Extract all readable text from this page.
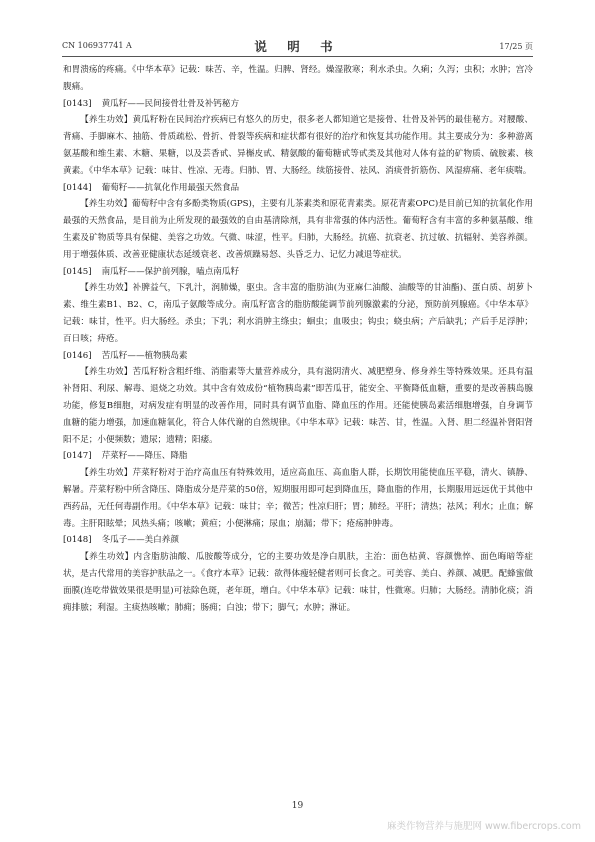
CN 106937741 A	说 明 书	17/25 页

和胃溃疡的疼痛。《中华本草》记载：味苦、辛，性温。归脾、肾经。燥湿散寒；利水杀虫。久痢；久泻；虫积；水肿；宫冷腹痛。

[0143] 黄瓜籽——民间接骨壮骨及补钙秘方

【养生功效】黄瓜籽粉在民间治疗疾病已有悠久的历史，很多老人都知道它是接骨、壮骨及补钙的最佳秘方。对腰酸、背痛、手脚麻木、抽筋、骨质疏松、骨折、骨裂等疾病和症状都有很好的治疗和恢复其功能作用。其主要成分为：多种游离氨基酸和维生素、木糖、果糖，以及芸香甙、异槲皮甙、精氨酸的葡萄糖甙等甙类及其他对人体有益的矿物质、硫胺素、核黄素。《中华本草》记载：味甘、性凉、无毒。归肺、胃、大肠经。续筋接骨、祛风、消痰骨折筋伤、风湿痹痛、老年痰喘。

[0144] 葡萄籽——抗氧化作用最强天然食品

【养生功效】葡萄籽中含有多酚类物质(GPS)，主要有儿茶素类和原花青素类。原花青素OPC)是目前已知的抗氧化作用最强的天然食品，是目前为止所发现的最强效的自由基清除剂，具有非常强的体内活性。葡萄籽含有丰富的多种氨基酸、维生素及矿物质等具有保健、美容之功效。气微、味涩，性平。归肺，大肠经。抗癌、抗衰老、抗过敏、抗辐射、美容养颜。用于增强体质、改善亚健康状态延缓衰老、改善烦躁易怒、头昏乏力、记忆力减退等症状。

[0145] 南瓜籽——保护前列腺，嗑点南瓜籽

【养生功效】补脾益气，下乳汁，润肺燥，驱虫。含丰富的脂肪油(为亚麻仁油酸、油酸等的甘油酯)、蛋白质、胡萝卜素、维生素B1、B2、C，南瓜子氨酸等成分。南瓜籽富含的脂肪酸能调节前列腺激素的分泌，预防前列腺癌。《中华本草》记载：味甘，性平。归大肠经。杀虫；下乳；利水消肿主绦虫；蛔虫；血吸虫；钩虫；蛲虫病；产后缺乳；产后手足浮肿；百日咳；痔疮。

[0146] 苦瓜籽——植物胰岛素

【养生功效】苦瓜籽粉含粗纤维、消脂素等大量营养成分，具有滋阴清火、减肥塑身、修身养生等特殊效果。还具有温补肾阳、利尿、解毒、退烧之功效。其中含有效成份“植物胰岛素”即苦瓜苷，能安全、平衡降低血糖，重要的是改善胰岛腺功能，修复B细胞，对病发症有明显的改善作用，同时具有调节血脂、降血压的作用。还能使胰岛素活细胞增强，自身调节血糖的能力增强，加速血糖氧化，符合人体代谢的自然规律。《中华本草》记载：味苦、甘，性温。入肾、胆二经温补肾阳肾阳不足；小便频数；遗尿；遗精；阳痿。

[0147] 芹菜籽——降压、降脂

【养生功效】芹菜籽粉对于治疗高血压有特殊效用，适应高血压、高血脂人群，长期饮用能使血压平稳，清火、镇静、解暑。芹菜籽粉中所含降压、降脂成分是芹菜的50倍，短期服用即可起到降血压，降血脂的作用，长期服用远远优于其他中西药品，无任何毒副作用。《中华本草》记载：味甘；辛；微苦；性凉归肝；胃；肺经。平肝；清热；祛风；利水；止血；解毒。主肝阳眩晕；风热头痛；咳嗽；黄疸；小便淋痛；尿血；崩漏；带下；疮疡肿肿毒。

[0148] 冬瓜子——美白养颜

【养生功效】内含脂肪油酸、瓜胺酸等成分，它的主要功效是净白肌肤，主治：面色枯黄、容颜憔悴、面色晦暗等症状，是古代常用的美容护肤品之一。《食疗本草》记载：欲得体瘦轻健者则可长食之。可美容、美白、养颜、减肥。配蜂蜜做面膜(连吃带做效果很是明显)可祛除色斑，老年斑，增白。《中华本草》记载：味甘，性微寒。归肺；大肠经。清肺化痰；消痈排脓；利湿。主痰热咳嗽；肺痈；肠痈；白浊；带下；脚气；水肿；淋证。

19
麻类作物营养与施肥网 www.fibercrops.com
